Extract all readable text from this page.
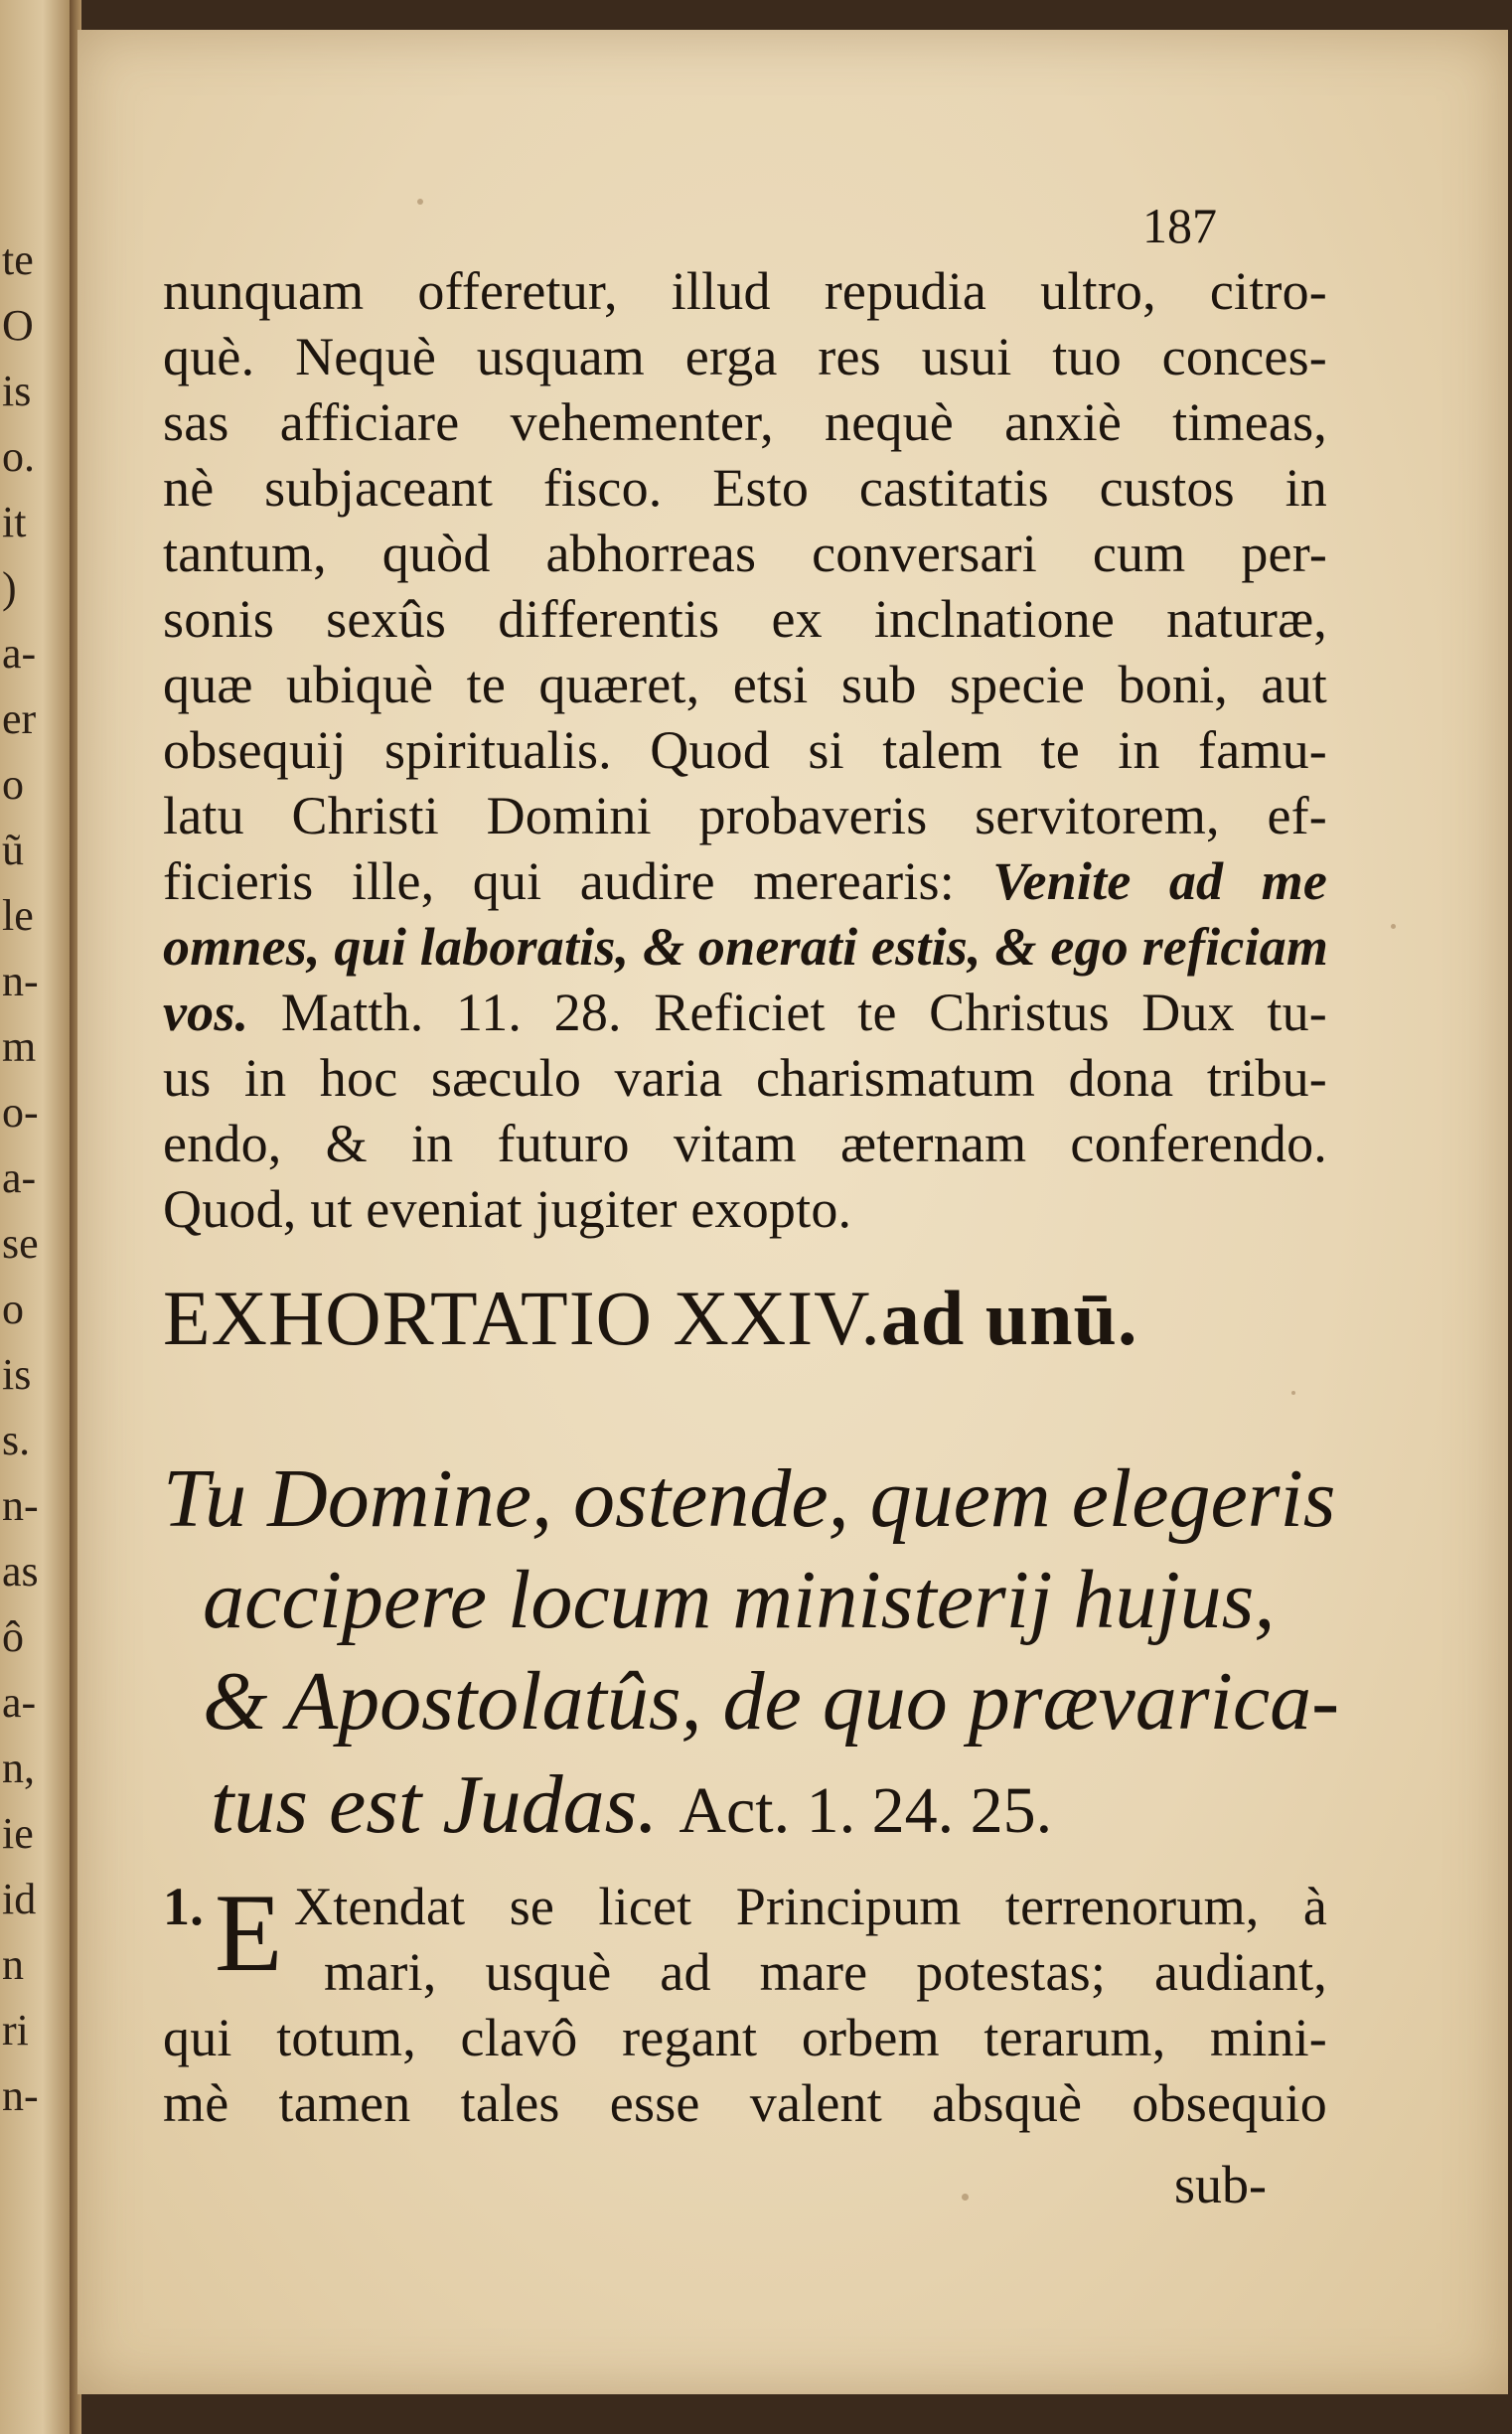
te
O
is
o.
it
)
a-
er
o
ũ
le
n-
m
o-
a-
se
o
is
s.
n-
as
ô
a-
n,
ie
id
n
ri
n-
187
nunquam offeretur, illud repudia ultro, citro-
què. Nequè usquam erga res usui tuo conces-
sas afficiare vehementer, nequè anxiè timeas,
nè subjaceant fisco. Esto castitatis custos in
tantum, quòd abhorreas conversari cum per-
sonis sexûs differentis ex inclnatione naturæ,
quæ ubiquè te quæret, etsi sub specie boni, aut
obsequij spiritualis. Quod si talem te in famu-
latu Christi Domini probaveris servitorem, ef-
ficieris ille, qui audire merearis: Venite ad me
omnes, qui laboratis, & onerati estis, & ego reficiam
vos. Matth. 11. 28. Reficiet te Christus Dux tu-
us in hoc sæculo varia charismatum dona tribu-
endo, & in futuro vitam æternam conferendo.
Quod, ut eveniat jugiter exopto.
EXHORTATIO XXIV.ad unū.
Tu Domine, ostende, quem elegeris
accipere locum ministerij hujus,
& Apostolatûs, de quo prævarica-
tus est Judas. Act. 1. 24. 25.
1. E Xtendat se licet Principum terrenorum, à
mari, usquè ad mare potestas; audiant,
qui totum, clavô regant orbem terarum, mini-
mè tamen tales esse valent absquè obsequio
sub-
